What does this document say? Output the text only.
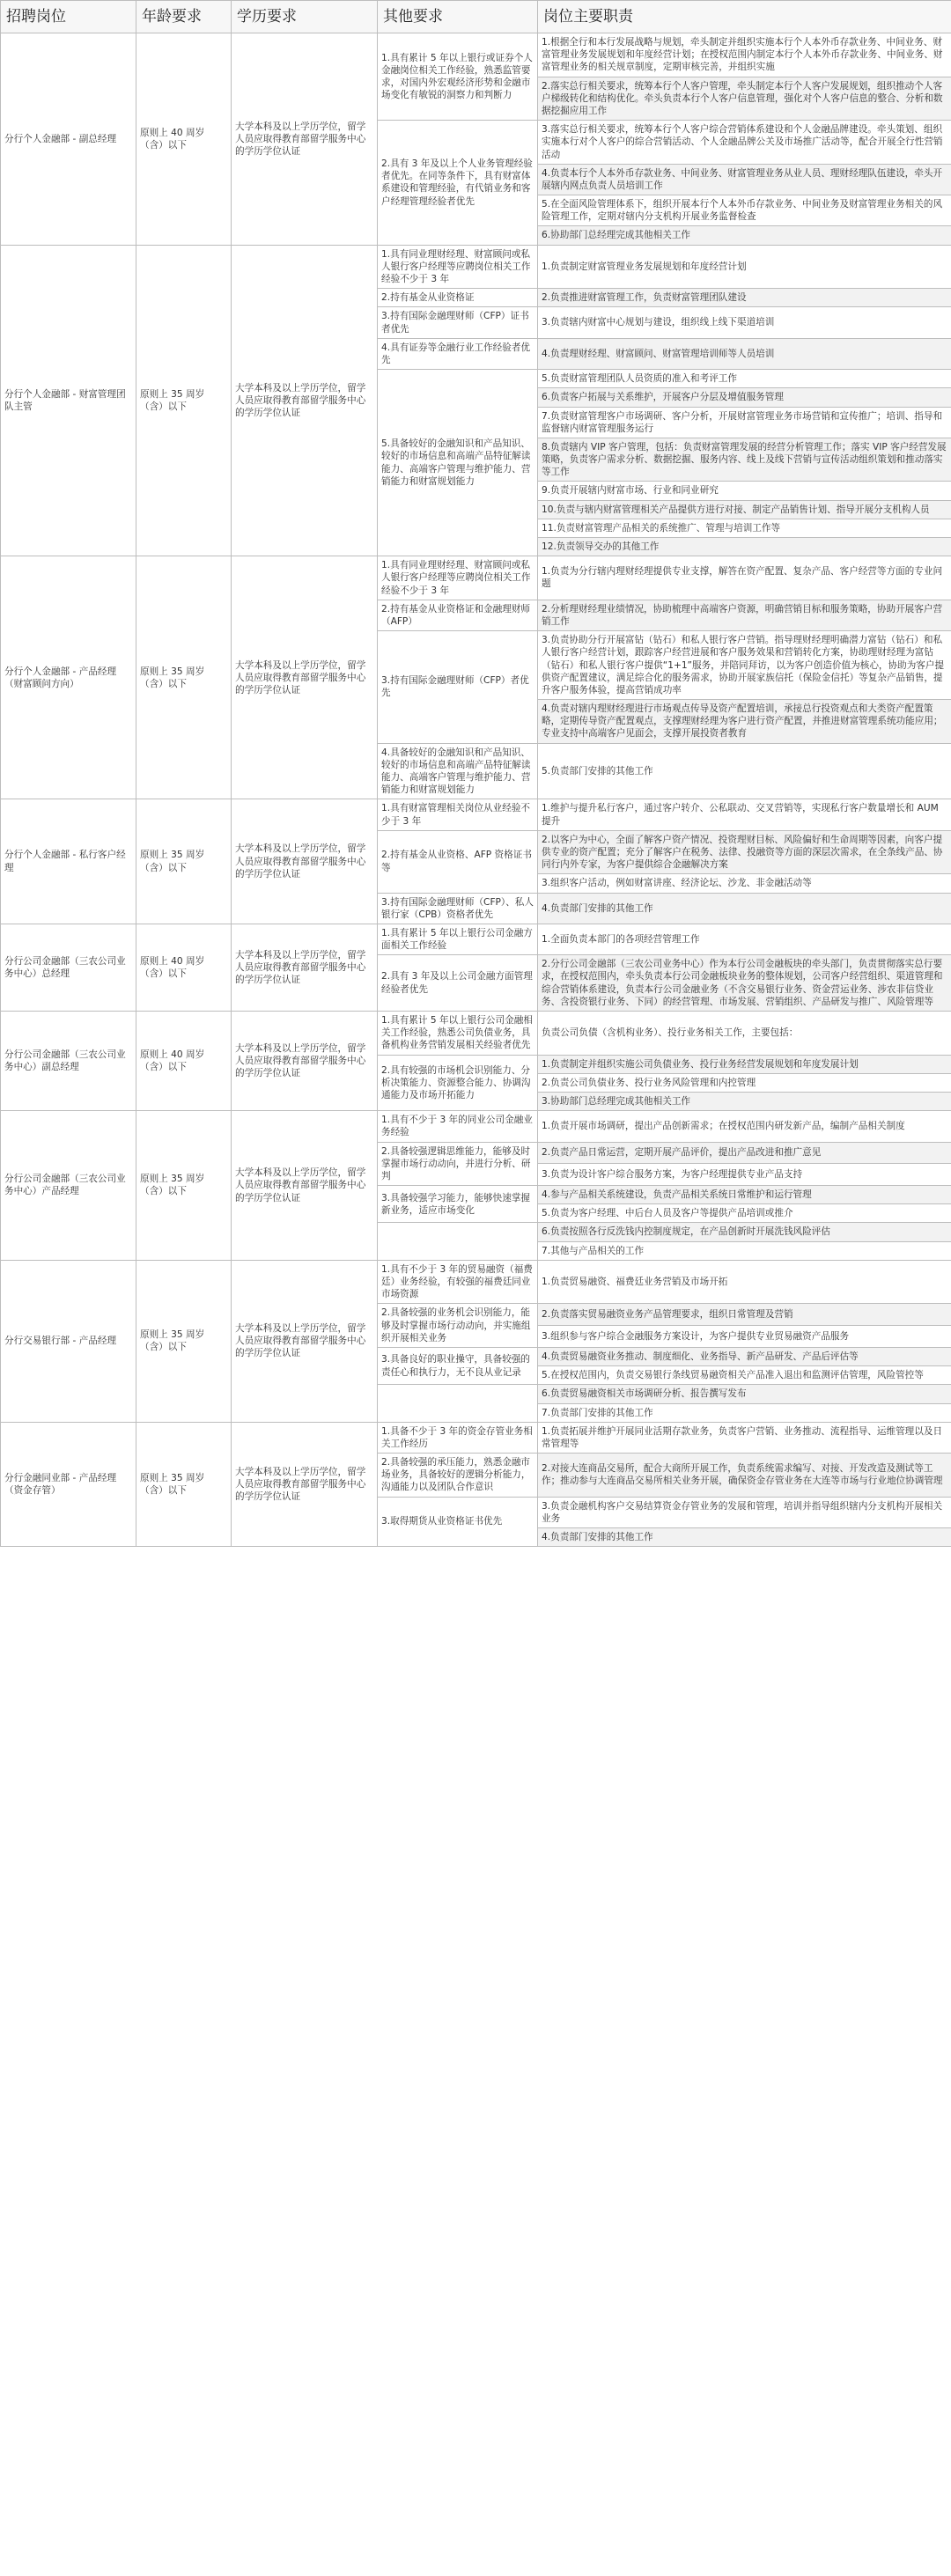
招聘岗位	年龄要求	学历要求	其他要求	岗位主要职责
分行个人金融部 - 副总经理	原则上 40 周岁（含）以下	大学本科及以上学历学位，留学人员应取得教育部留学服务中心的学历学位认证	1.具有累计 5 年以上银行或证券个人金融岗位相关工作经验，熟悉监管要求，对国内外宏观经济形势和金融市场变化有敏锐的洞察力和判断力	1.根据全行和本行发展战略与规划，牵头制定并组织实施本行个人本外币存款业务、中间业务、财富管理业务发展规划和年度经营计划；在授权范围内制定本行个人本外币存款业务、中间业务、财富管理业务的相关规章制度，定期审核完善，并组织实施
				2.落实总行相关要求，统筹本行个人客户管理，牵头制定本行个人客户发展规划，组织推动个人客户梯级转化和结构优化。牵头负责本行个人客户信息管理，强化对个人客户信息的整合、分析和数据挖掘应用工作
			2.具有 3 年及以上个人业务管理经验者优先。在同等条件下，具有财富体系建设和管理经验，有代销业务和客户经理管理经验者优先	3.落实总行相关要求，统筹本行个人客户综合营销体系建设和个人金融品牌建设。牵头策划、组织实施本行对个人客户的综合营销活动、个人金融品牌公关及市场推广活动等，配合开展全行性营销活动
				4.负责本行个人本外币存款业务、中间业务、财富管理业务从业人员、理财经理队伍建设，牵头开展辖内网点负责人员培训工作
				5.在全面风险管理体系下，组织开展本行个人本外币存款业务、中间业务及财富管理业务相关的风险管理工作，定期对辖内分支机构开展业务监督检查
				6.协助部门总经理完成其他相关工作
分行个人金融部 - 财富管理团队主管	原则上 35 周岁（含）以下	大学本科及以上学历学位，留学人员应取得教育部留学服务中心的学历学位认证	1.具有同业理财经理、财富顾问或私人银行客户经理等应聘岗位相关工作经验不少于 3 年	1.负责制定财富管理业务发展规划和年度经营计划
			2.持有基金从业资格证	2.负责推进财富管理工作，负责财富管理团队建设
			3.持有国际金融理财师（CFP）证书者优先	3.负责辖内财富中心规划与建设，组织线上线下渠道培训
			4.具有证券等金融行业工作经验者优先	4.负责理财经理、财富顾问、财富管理培训师等人员培训
			5.具备较好的金融知识和产品知识、较好的市场信息和高端产品特征解读能力、高端客户管理与维护能力、营销能力和财富规划能力	5.负责财富管理团队人员资质的准入和考评工作
				6.负责客户拓展与关系维护，开展客户分层及增值服务管理
				7.负责财富管理客户市场调研、客户分析，开展财富管理业务市场营销和宣传推广；培训、指导和监督辖内财富管理服务运行
				8.负责辖内 VIP 客户管理，包括：负责财富管理发展的经营分析管理工作；落实 VIP 客户经营发展策略，负责客户需求分析、数据挖掘、服务内容、线上及线下营销与宣传活动组织策划和推动落实等工作
				9.负责开展辖内财富市场、行业和同业研究
				10.负责与辖内财富管理相关产品提供方进行对接、制定产品销售计划、指导开展分支机构人员
				11.负责财富管理产品相关的系统推广、管理与培训工作等
				12.负责领导交办的其他工作
分行个人金融部 - 产品经理（财富顾问方向）	原则上 35 周岁（含）以下	大学本科及以上学历学位，留学人员应取得教育部留学服务中心的学历学位认证	1.具有同业理财经理、财富顾问或私人银行客户经理等应聘岗位相关工作经验不少于 3 年	1.负责为分行辖内理财经理提供专业支撑，解答在资产配置、复杂产品、客户经营等方面的专业问题
			2.持有基金从业资格证和金融理财师（AFP）	2.分析理财经理业绩情况，协助梳理中高端客户资源，明确营销目标和服务策略，协助开展客户营销工作
			3.持有国际金融理财师（CFP）者优先	3.负责协助分行开展富钻（钻石）和私人银行客户营销。指导理财经理明确潜力富钻（钻石）和私人银行客户经营计划，跟踪客户经营进展和客户服务效果和营销转化方案，协助理财经理为富钻（钻石）和私人银行客户提供“1+1”服务，并陪同拜访，以为客户创造价值为核心，协助为客户提供资产配置建议，满足综合化的服务需求，协助开展家族信托（保险金信托）等复杂产品销售，提升客户服务体验，提高营销成功率
				4.负责对辖内理财经理进行市场观点传导及资产配置培训，承接总行投资观点和大类资产配置策略，定期传导资产配置观点，支撑理财经理为客户进行资产配置，并推进财富管理系统功能应用；专业支持中高端客户见面会，支撑开展投资者教育
			4.具备较好的金融知识和产品知识、较好的市场信息和高端产品特征解读能力、高端客户管理与维护能力、营销能力和财富规划能力	5.负责部门安排的其他工作
分行个人金融部 - 私行客户经理	原则上 35 周岁（含）以下	大学本科及以上学历学位，留学人员应取得教育部留学服务中心的学历学位认证	1.具有财富管理相关岗位从业经验不少于 3 年	1.维护与提升私行客户，通过客户转介、公私联动、交叉营销等，实现私行客户数量增长和 AUM 提升
			2.持有基金从业资格、AFP 资格证书等	2.以客户为中心，全面了解客户资产情况、投资理财目标、风险偏好和生命周期等因素，向客户提供专业的资产配置；充分了解客户在税务、法律、投融资等方面的深层次需求，在全条线产品、协同行内外专家，为客户提供综合金融解决方案
				3.组织客户活动，例如财富讲座、经济论坛、沙龙、非金融活动等
			3.持有国际金融理财师（CFP）、私人银行家（CPB）资格者优先	4.负责部门安排的其他工作
分行公司金融部（三农公司业务中心）总经理	原则上 40 周岁（含）以下	大学本科及以上学历学位，留学人员应取得教育部留学服务中心的学历学位认证	1.具有累计 5 年以上银行公司金融方面相关工作经验	1.全面负责本部门的各项经营管理工作
			2.具有 3 年及以上公司金融方面管理经验者优先	2.分行公司金融部（三农公司业务中心）作为本行公司金融板块的牵头部门，负责贯彻落实总行要求，在授权范围内，牵头负责本行公司金融板块业务的整体规划，公司客户经营组织、渠道管理和综合营销体系建设，负责本行公司金融业务（不含交易银行业务、资金营运业务、涉农非信贷业务、含投资银行业务、下同）的经营管理、市场发展、营销组织、产品研发与推广、风险管理等
分行公司金融部（三农公司业务中心）副总经理	原则上 40 周岁（含）以下	大学本科及以上学历学位，留学人员应取得教育部留学服务中心的学历学位认证	1.具有累计 5 年以上银行公司金融相关工作经验，熟悉公司负债业务，具备机构业务营销发展相关经验者优先	负责公司负债（含机构业务）、投行业务相关工作，主要包括：
			2.具有较强的市场机会识别能力、分析决策能力、资源整合能力、协调沟通能力及市场开拓能力	1.负责制定并组织实施公司负债业务、投行业务经营发展规划和年度发展计划
				2.负责公司负债业务、投行业务风险管理和内控管理
				3.协助部门总经理完成其他相关工作
分行公司金融部（三农公司业务中心）产品经理	原则上 35 周岁（含）以下	大学本科及以上学历学位，留学人员应取得教育部留学服务中心的学历学位认证	1.具有不少于 3 年的同业公司金融业务经验	1.负责开展市场调研，提出产品创新需求；在授权范围内研发新产品，编制产品相关制度
			2.具备较强逻辑思维能力，能够及时掌握市场行动动向，并进行分析、研判	2.负责产品日常运营，定期开展产品评价，提出产品改进和推广意见
				3.负责为设计客户综合服务方案，为客户经理提供专业产品支持
			3.具备较强学习能力，能够快速掌握新业务，适应市场变化	4.参与产品相关系统建设，负责产品相关系统日常维护和运行管理
				5.负责为客户经理、中后台人员及客户等提供产品培训或推介
				6.负责按照各行反洗钱内控制度规定，在产品创新时开展洗钱风险评估
				7.其他与产品相关的工作
分行交易银行部 - 产品经理	原则上 35 周岁（含）以下	大学本科及以上学历学位，留学人员应取得教育部留学服务中心的学历学位认证	1.具有不少于 3 年的贸易融资（福费廷）业务经验，有较强的福费廷同业市场资源	1.负责贸易融资、福费廷业务营销及市场开拓
			2.具备较强的业务机会识别能力，能够及时掌握市场行动动向，并实施组织开展相关业务	2.负责落实贸易融资业务产品管理要求，组织日常管理及营销
				3.组织参与客户综合金融服务方案设计，为客户提供专业贸易融资产品服务
			3.具备良好的职业操守，具备较强的责任心和执行力，无不良从业记录	4.负责贸易融资业务推动、制度细化、业务指导、新产品研发、产品后评估等
				5.在授权范围内，负责交易银行条线贸易融资相关产品准入退出和监测评估管理，风险管控等
				6.负责贸易融资相关市场调研分析、报告撰写发布
				7.负责部门安排的其他工作
分行金融同业部 - 产品经理（资金存管）	原则上 35 周岁（含）以下	大学本科及以上学历学位，留学人员应取得教育部留学服务中心的学历学位认证	1.具备不少于 3 年的资金存管业务相关工作经历	1.负责拓展并维护开展同业活期存款业务，负责客户营销、业务推动、流程指导、运维管理以及日常管理等
			2.具备较强的承压能力，熟悉金融市场业务，具备较好的逻辑分析能力，沟通能力以及团队合作意识	2.对接大连商品交易所，配合大商所开展工作，负责系统需求编写、对接、开发改造及测试等工作；推动参与大连商品交易所相关业务开展，确保资金存管业务在大连等市场与行业地位协调管理
			3.取得期货从业资格证书优先	3.负责金融机构客户交易结算资金存管业务的发展和管理，培训并指导组织辖内分支机构开展相关业务
				4.负责部门安排的其他工作
